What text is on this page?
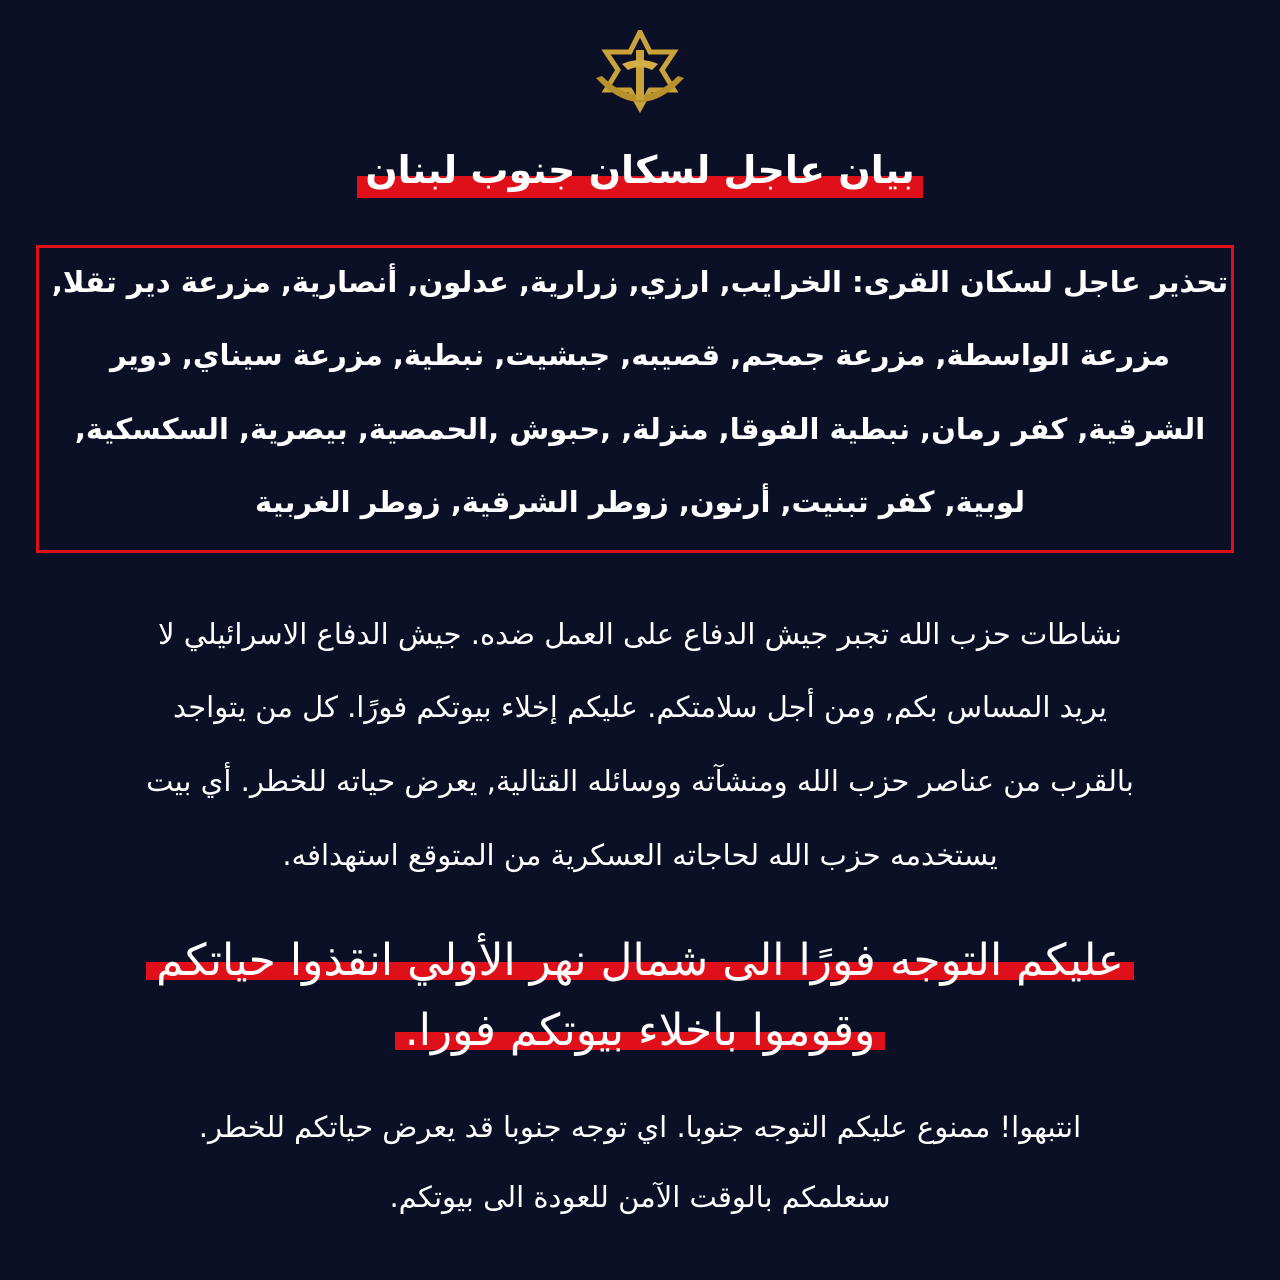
بيان عاجل لسكان جنوب لبنان
تحذير عاجل لسكان القرى: الخرايب, ارزي, زرارية, عدلون, أنصارية, مزرعة دير تقلا,
مزرعة الواسطة, مزرعة جمجم, قصيبه, جبشيت, نبطية, مزرعة سيناي, دوير
الشرقية, كفر رمان, نبطية الفوقا, منزلة, ,حبوش ,الحمصية, بيصرية, السكسكية,
لوبية, كفر تبنيت, أرنون, زوطر الشرقية, زوطر الغربية
نشاطات حزب الله تجبر جيش الدفاع على العمل ضده. جيش الدفاع الاسرائيلي لا
يريد المساس بكم, ومن أجل سلامتكم. عليكم إخلاء بيوتكم فورًا. كل من يتواجد
بالقرب من عناصر حزب الله ومنشآته ووسائله القتالية, يعرض حياته للخطر. أي بيت
يستخدمه حزب الله لحاجاته العسكرية من المتوقع استهدافه.
عليكم التوجه فورًا الى شمال نهر الأولي انقذوا حياتكم
وقوموا باخلاء بيوتكم فورا.
انتبهوا! ممنوع عليكم التوجه جنوبا. اي توجه جنوبا قد يعرض حياتكم للخطر.
سنعلمكم بالوقت الآمن للعودة الى بيوتكم.
